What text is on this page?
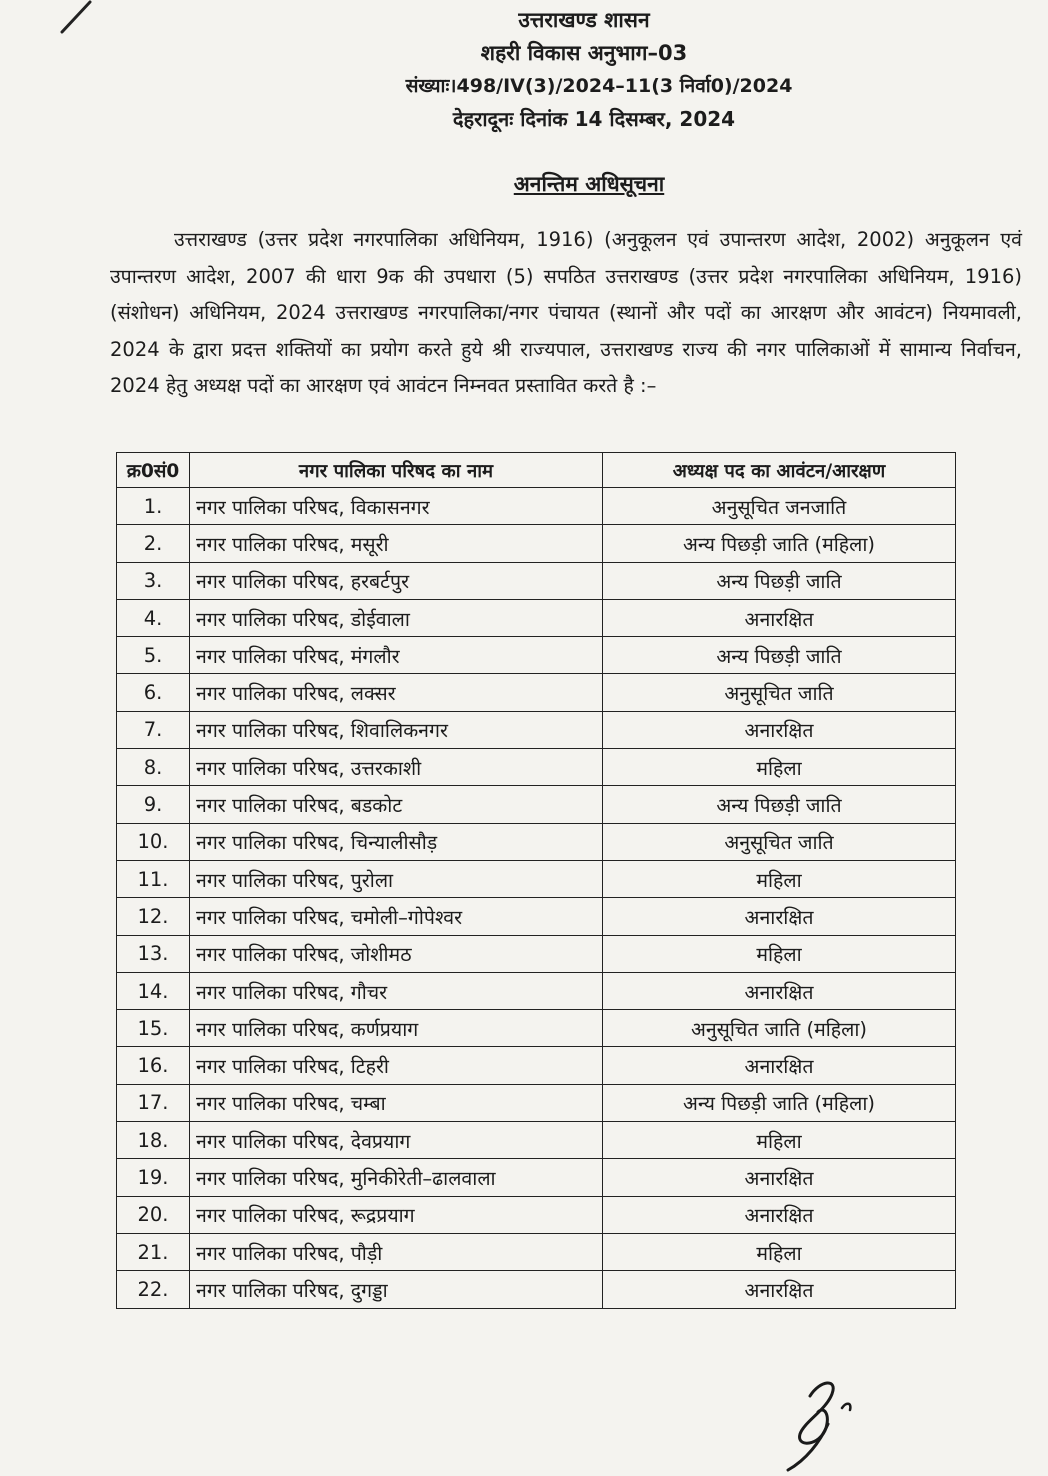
उत्तराखण्ड शासन
शहरी विकास अनुभाग–03
संख्याः।498/IV(3)/2024–11(3 निर्वा0)/2024
देहरादूनः दिनांक 14 दिसम्बर, 2024
अनन्तिम अधिसूचना
उत्तराखण्ड (उत्तर प्रदेश नगरपालिका अधिनियम, 1916) (अनुकूलन एवं उपान्तरण आदेश, 2002) अनुकूलन एवं उपान्तरण आदेश, 2007 की धारा 9क की उपधारा (5) सपठित उत्तराखण्ड (उत्तर प्रदेश नगरपालिका अधिनियम, 1916) (संशोधन) अधिनियम, 2024 उत्तराखण्ड नगरपालिका/नगर पंचायत (स्थानों और पदों का आरक्षण और आवंटन) नियमावली, 2024 के द्वारा प्रदत्त शक्तियों का प्रयोग करते हुये श्री राज्यपाल, उत्तराखण्ड राज्य की नगर पालिकाओं में सामान्य निर्वाचन, 2024 हेतु अध्यक्ष पदों का आरक्षण एवं आवंटन निम्नवत प्रस्तावित करते है :–
क्र0सं0	नगर पालिका परिषद का नाम	अध्यक्ष पद का आवंटन/आरक्षण
1.	नगर पालिका परिषद, विकासनगर	अनुसूचित जनजाति
2.	नगर पालिका परिषद, मसूरी	अन्य पिछड़ी जाति (महिला)
3.	नगर पालिका परिषद, हरबर्टपुर	अन्य पिछड़ी जाति
4.	नगर पालिका परिषद, डोईवाला	अनारक्षित
5.	नगर पालिका परिषद, मंगलौर	अन्य पिछड़ी जाति
6.	नगर पालिका परिषद, लक्सर	अनुसूचित जाति
7.	नगर पालिका परिषद, शिवालिकनगर	अनारक्षित
8.	नगर पालिका परिषद, उत्तरकाशी	महिला
9.	नगर पालिका परिषद, बडकोट	अन्य पिछड़ी जाति
10.	नगर पालिका परिषद, चिन्यालीसौड़	अनुसूचित जाति
11.	नगर पालिका परिषद, पुरोला	महिला
12.	नगर पालिका परिषद, चमोली–गोपेश्वर	अनारक्षित
13.	नगर पालिका परिषद, जोशीमठ	महिला
14.	नगर पालिका परिषद, गौचर	अनारक्षित
15.	नगर पालिका परिषद, कर्णप्रयाग	अनुसूचित जाति (महिला)
16.	नगर पालिका परिषद, टिहरी	अनारक्षित
17.	नगर पालिका परिषद, चम्बा	अन्य पिछड़ी जाति (महिला)
18.	नगर पालिका परिषद, देवप्रयाग	महिला
19.	नगर पालिका परिषद, मुनिकीरेती–ढालवाला	अनारक्षित
20.	नगर पालिका परिषद, रूद्रप्रयाग	अनारक्षित
21.	नगर पालिका परिषद, पौड़ी	महिला
22.	नगर पालिका परिषद, दुगड्डा	अनारक्षित
